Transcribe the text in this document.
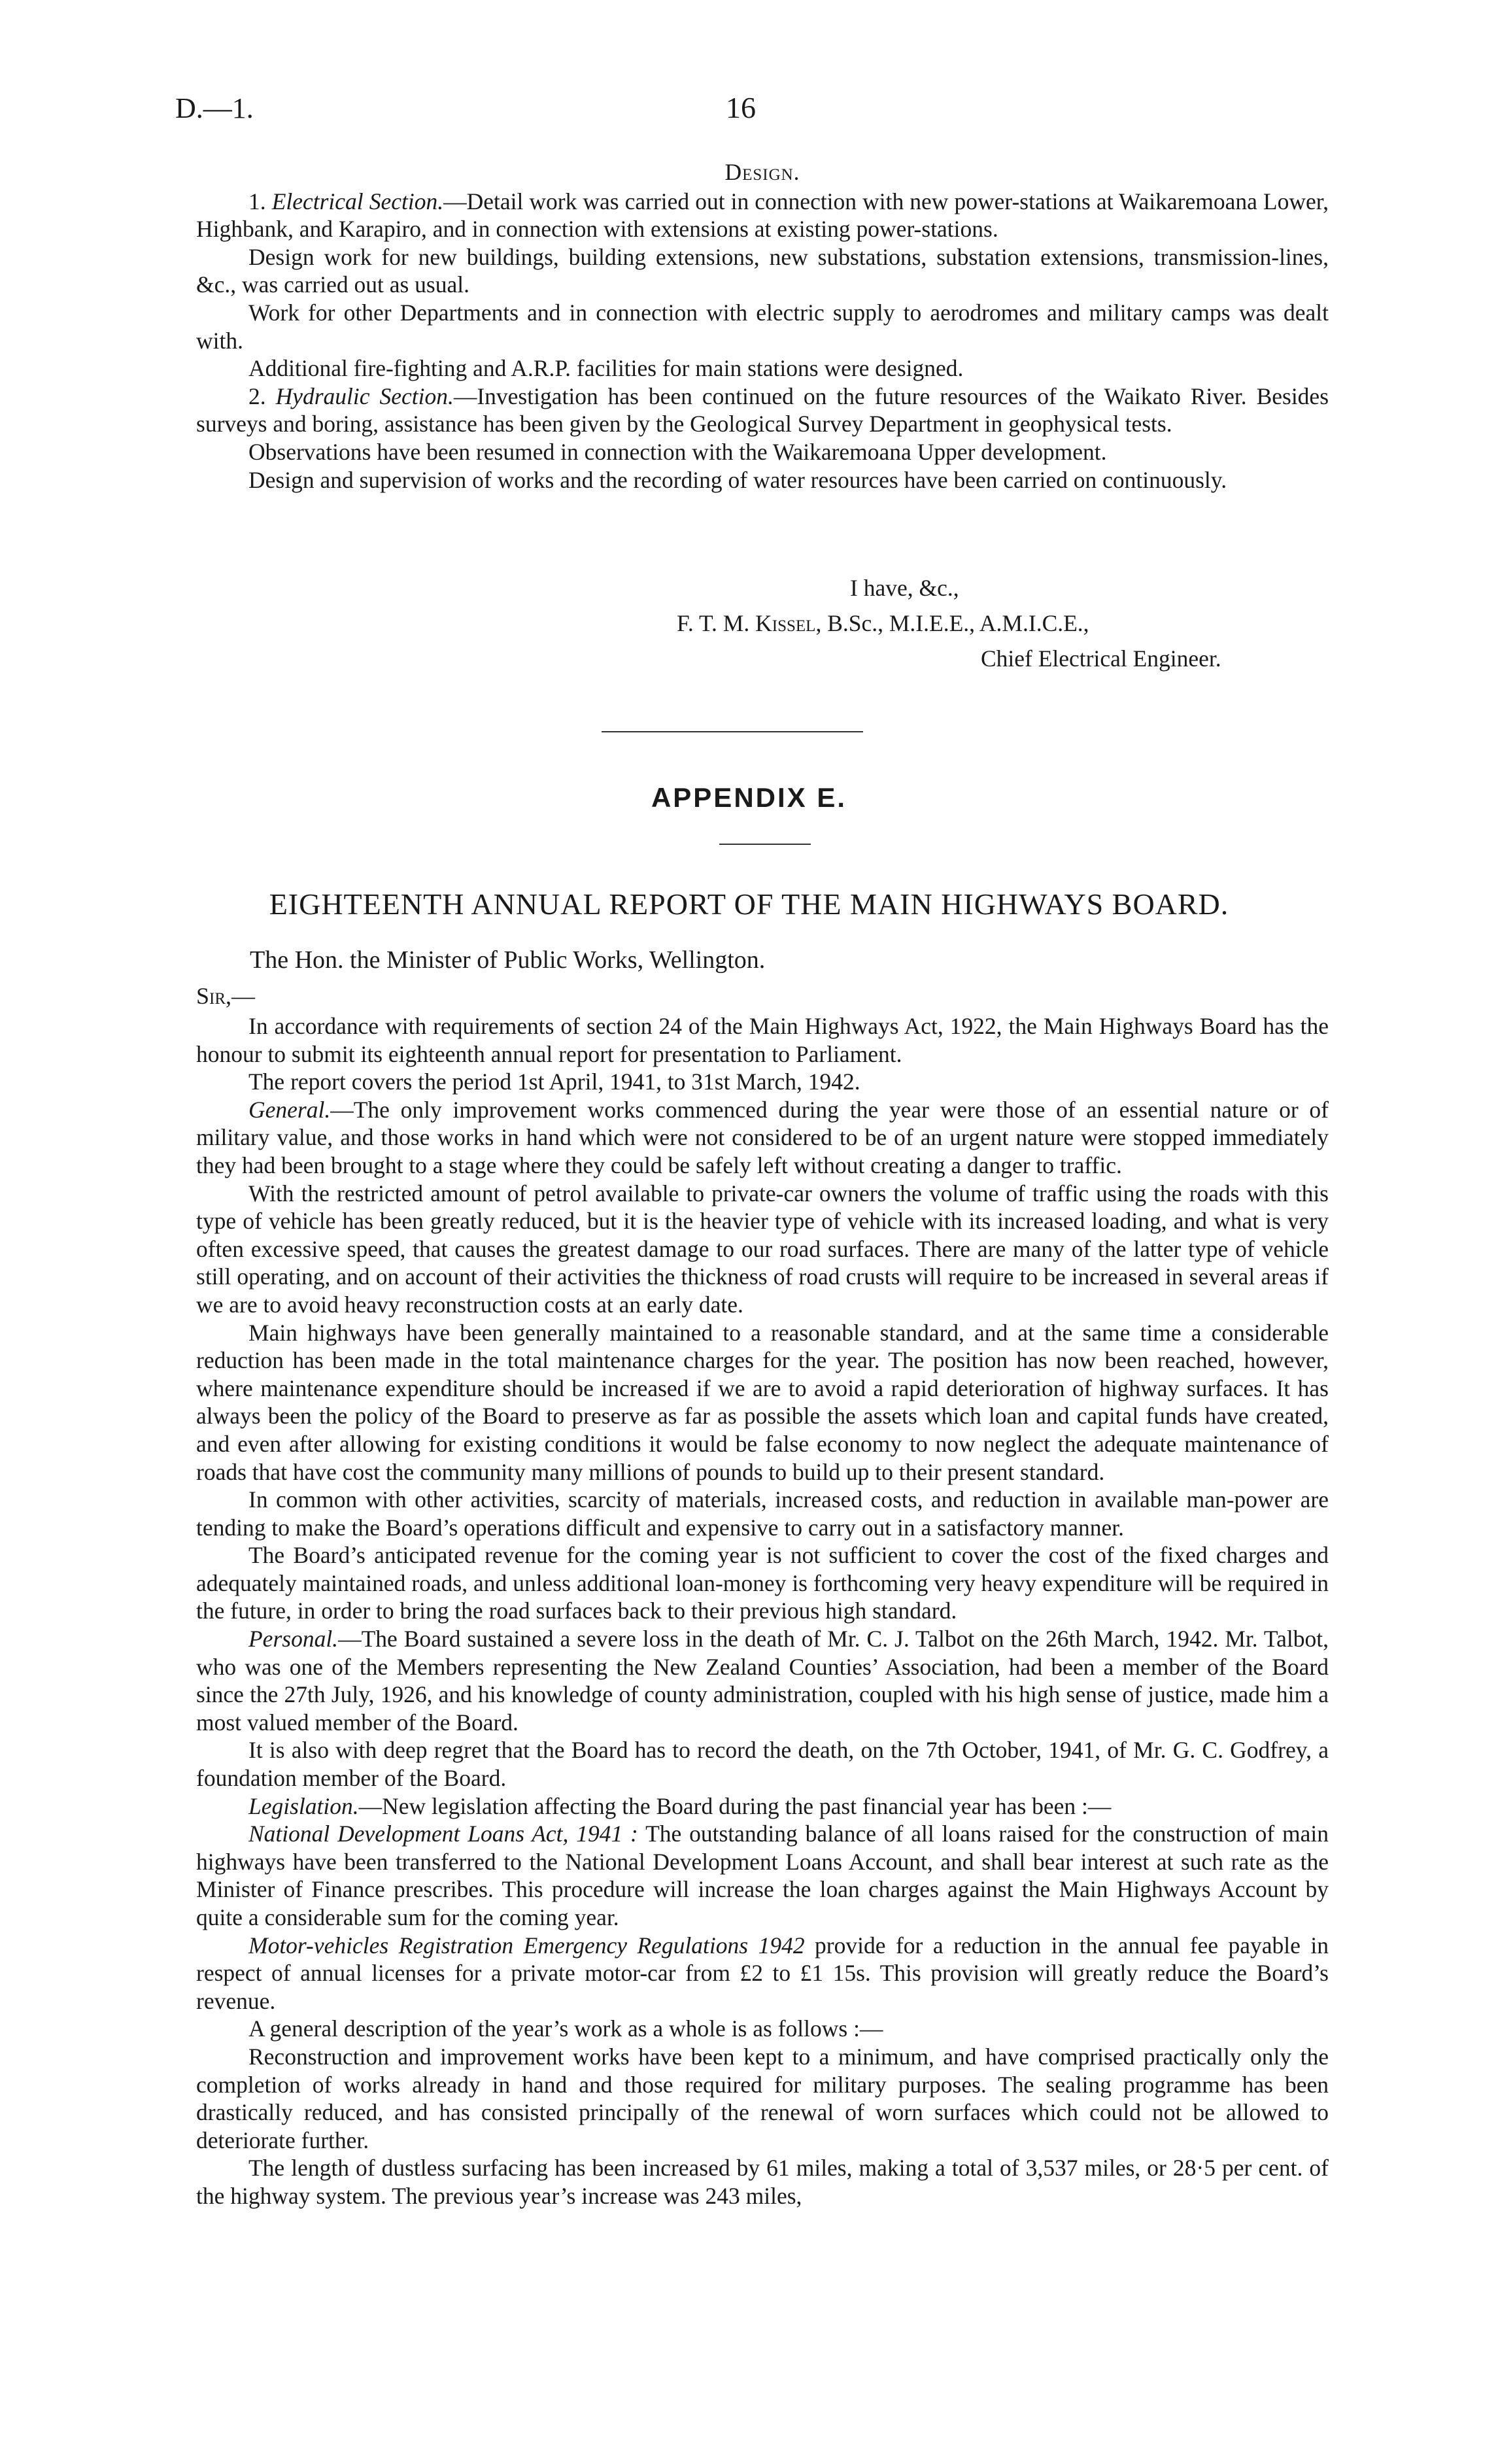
D.—1.	16
Design.

1. Electrical Section.—Detail work was carried out in connection with new power-stations at Waikaremoana Lower, Highbank, and Karapiro, and in connection with extensions at existing power-stations.

Design work for new buildings, building extensions, new substations, substation extensions, transmission-lines, &c., was carried out as usual.

Work for other Departments and in connection with electric supply to aerodromes and military camps was dealt with.

Additional fire-fighting and A.R.P. facilities for main stations were designed.

2. Hydraulic Section.—Investigation has been continued on the future resources of the Waikato River. Besides surveys and boring, assistance has been given by the Geological Survey Department in geophysical tests.

Observations have been resumed in connection with the Waikaremoana Upper development.

Design and supervision of works and the recording of water resources have been carried on continuously.

I have, &c.,
F. T. M. Kissel, B.Sc., M.I.E.E., A.M.I.C.E.,
Chief Electrical Engineer.
APPENDIX E.
EIGHTEENTH ANNUAL REPORT OF THE MAIN HIGHWAYS BOARD.
The Hon. the Minister of Public Works, Wellington.
Sir,—

In accordance with requirements of section 24 of the Main Highways Act, 1922, the Main Highways Board has the honour to submit its eighteenth annual report for presentation to Parliament.

The report covers the period 1st April, 1941, to 31st March, 1942.

General.—The only improvement works commenced during the year were those of an essential nature or of military value, and those works in hand which were not considered to be of an urgent nature were stopped immediately they had been brought to a stage where they could be safely left without creating a danger to traffic.

With the restricted amount of petrol available to private-car owners the volume of traffic using the roads with this type of vehicle has been greatly reduced, but it is the heavier type of vehicle with its increased loading, and what is very often excessive speed, that causes the greatest damage to our road surfaces. There are many of the latter type of vehicle still operating, and on account of their activities the thickness of road crusts will require to be increased in several areas if we are to avoid heavy reconstruction costs at an early date.

Main highways have been generally maintained to a reasonable standard, and at the same time a considerable reduction has been made in the total maintenance charges for the year. The position has now been reached, however, where maintenance expenditure should be increased if we are to avoid a rapid deterioration of highway surfaces. It has always been the policy of the Board to preserve as far as possible the assets which loan and capital funds have created, and even after allowing for existing conditions it would be false economy to now neglect the adequate maintenance of roads that have cost the community many millions of pounds to build up to their present standard.

In common with other activities, scarcity of materials, increased costs, and reduction in available man-power are tending to make the Board’s operations difficult and expensive to carry out in a satisfactory manner.

The Board’s anticipated revenue for the coming year is not sufficient to cover the cost of the fixed charges and adequately maintained roads, and unless additional loan-money is forthcoming very heavy expenditure will be required in the future, in order to bring the road surfaces back to their previous high standard.

Personal.—The Board sustained a severe loss in the death of Mr. C. J. Talbot on the 26th March, 1942. Mr. Talbot, who was one of the Members representing the New Zealand Counties’ Association, had been a member of the Board since the 27th July, 1926, and his knowledge of county administration, coupled with his high sense of justice, made him a most valued member of the Board.

It is also with deep regret that the Board has to record the death, on the 7th October, 1941, of Mr. G. C. Godfrey, a foundation member of the Board.

Legislation.—New legislation affecting the Board during the past financial year has been :—

National Development Loans Act, 1941 : The outstanding balance of all loans raised for the construction of main highways have been transferred to the National Development Loans Account, and shall bear interest at such rate as the Minister of Finance prescribes. This procedure will increase the loan charges against the Main Highways Account by quite a considerable sum for the coming year.

Motor-vehicles Registration Emergency Regulations 1942 provide for a reduction in the annual fee payable in respect of annual licenses for a private motor-car from £2 to £1 15s. This provision will greatly reduce the Board’s revenue.

A general description of the year’s work as a whole is as follows :—

Reconstruction and improvement works have been kept to a minimum, and have comprised practically only the completion of works already in hand and those required for military purposes. The sealing programme has been drastically reduced, and has consisted principally of the renewal of worn surfaces which could not be allowed to deteriorate further.

The length of dustless surfacing has been increased by 61 miles, making a total of 3,537 miles, or 28·5 per cent. of the highway system. The previous year’s increase was 243 miles,
